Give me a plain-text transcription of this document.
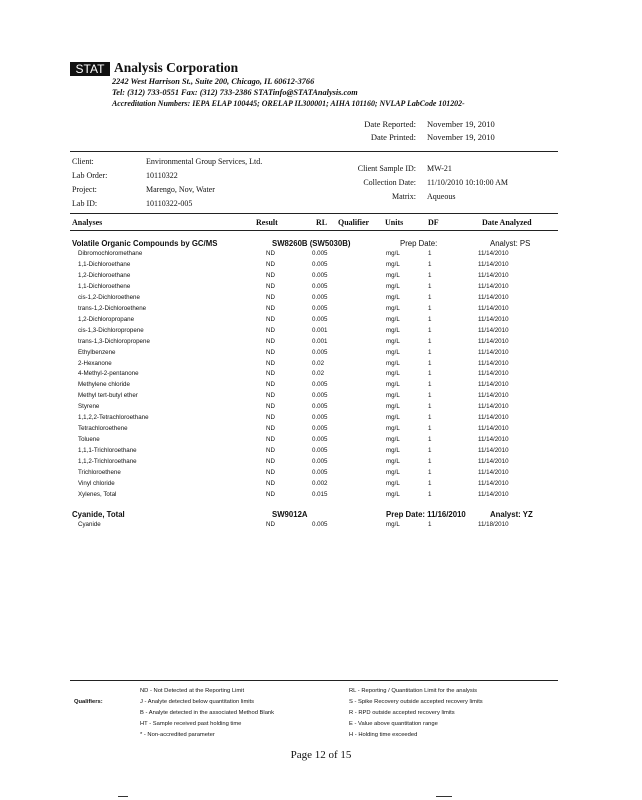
STAT Analysis Corporation
2242 West Harrison St., Suite 200, Chicago, IL 60612-3766
Tel: (312) 733-0551 Fax: (312) 733-2386 STATinfo@STATAnalysis.com
Accreditation Numbers: IEPA ELAP 100445; ORELAP IL300001; AIHA 101160; NVLAP LabCode 101202-
Date Reported: November 19, 2010
Date Printed: November 19, 2010
Client:	Environmental Group Services, Ltd.
Lab Order:	10110322
Project:	Marengo, Nov, Water
Lab ID:	10110322-005
Client Sample ID: MW-21
Collection Date: 11/10/2010 10:10:00 AM
Matrix: Aqueous
Analyses	Result	RL Qualifier Units	DF	Date Analyzed
Volatile Organic Compounds by GC/MS	SW8260B (SW5030B)	Prep Date:	Analyst: PS
Dibromochloromethane	ND	0.005	mg/L	1	11/14/2010
1,1-Dichloroethane	ND	0.005	mg/L	1	11/14/2010
1,2-Dichloroethane	ND	0.005	mg/L	1	11/14/2010
1,1-Dichloroethene	ND	0.005	mg/L	1	11/14/2010
cis-1,2-Dichloroethene	ND	0.005	mg/L	1	11/14/2010
trans-1,2-Dichloroethene	ND	0.005	mg/L	1	11/14/2010
1,2-Dichloropropane	ND	0.005	mg/L	1	11/14/2010
cis-1,3-Dichloropropene	ND	0.001	mg/L	1	11/14/2010
trans-1,3-Dichloropropene	ND	0.001	mg/L	1	11/14/2010
Ethylbenzene	ND	0.005	mg/L	1	11/14/2010
2-Hexanone	ND	0.02	mg/L	1	11/14/2010
4-Methyl-2-pentanone	ND	0.02	mg/L	1	11/14/2010
Methylene chloride	ND	0.005	mg/L	1	11/14/2010
Methyl tert-butyl ether	ND	0.005	mg/L	1	11/14/2010
Styrene	ND	0.005	mg/L	1	11/14/2010
1,1,2,2-Tetrachloroethane	ND	0.005	mg/L	1	11/14/2010
Tetrachloroethene	ND	0.005	mg/L	1	11/14/2010
Toluene	ND	0.005	mg/L	1	11/14/2010
1,1,1-Trichloroethane	ND	0.005	mg/L	1	11/14/2010
1,1,2-Trichloroethane	ND	0.005	mg/L	1	11/14/2010
Trichloroethene	ND	0.005	mg/L	1	11/14/2010
Vinyl chloride	ND	0.002	mg/L	1	11/14/2010
Xylenes, Total	ND	0.015	mg/L	1	11/14/2010
Cyanide, Total	SW9012A	Prep Date: 11/16/2010	Analyst: YZ
Cyanide	ND	0.005	mg/L	1	11/18/2010
Qualifiers:
ND - Not Detected at the Reporting Limit
J - Analyte detected below quantitation limits
B - Analyte detected in the associated Method Blank
HT - Sample received past holding time
* - Non-accredited parameter
RL - Reporting / Quantitation Limit for the analysis
S - Spike Recovery outside accepted recovery limits
R - RPD outside accepted recovery limits
E - Value above quantitation range
H - Holding time exceeded
Page 12 of 15
